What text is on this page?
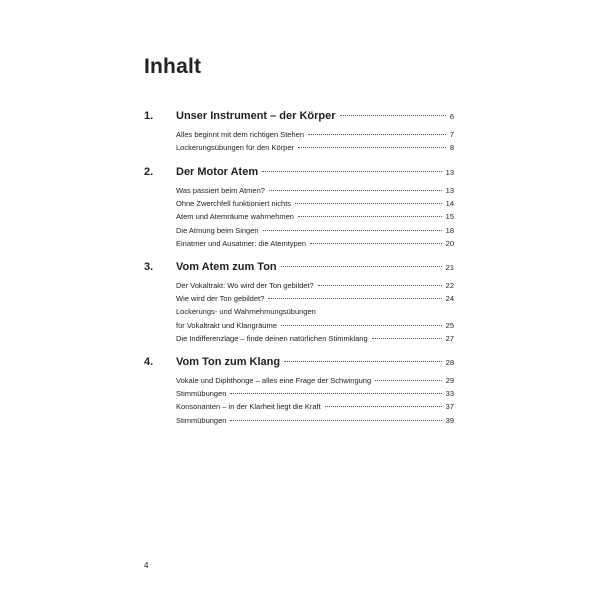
Inhalt
1. Unser Instrument – der Körper	6
Alles beginnt mit dem richtigen Stehen	7
Lockerungsübungen für den Körper	8
2. Der Motor Atem	13
Was passiert beim Atmen?	13
Ohne Zwerchfell funktioniert nichts	14
Atem und Atemräume wahrnehmen	15
Die Atmung beim Singen	18
Einatmer und Ausatmer: die Atemtypen	20
3. Vom Atem zum Ton	21
Der Vokaltrakt: Wo wird der Ton gebildet?	22
Wie wird der Ton gebildet?	24
Lockerungs- und Wahrnehmungsübungen
für Vokaltrakt und Klangräume	25
Die Indifferenzlage – finde deinen natürlichen Stimmklang	27
4. Vom Ton zum Klang	28
Vokale und Diphthonge – alles eine Frage der Schwingung	29
Stimmübungen	33
Konsonanten – in der Klarheit liegt die Kraft	37
Stimmübungen	39
4
